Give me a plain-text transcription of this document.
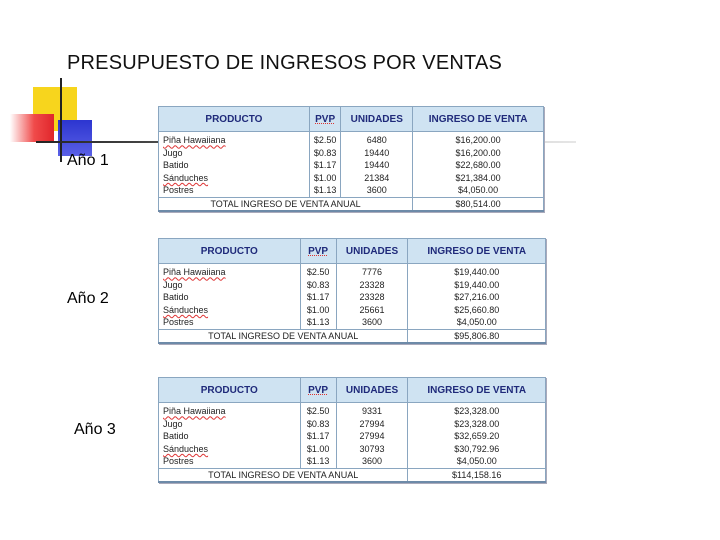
PRESUPUESTO DE INGRESOS POR VENTAS
Año 1
Año 2
Año 3
PRODUCTO	PVP	UNIDADES	INGRESO DE VENTA
Piña Hawaiiana	$2.50	6480	$16,200.00
Jugo	$0.83	19440	$16,200.00
Batido	$1.17	19440	$22,680.00
Sánduches	$1.00	21384	$21,384.00
Postres	$1.13	3600	$4,050.00
TOTAL INGRESO DE VENTA ANUAL			$80,514.00
PRODUCTO	PVP	UNIDADES	INGRESO DE VENTA
Piña Hawaiiana	$2.50	7776	$19,440.00
Jugo	$0.83	23328	$19,440.00
Batido	$1.17	23328	$27,216.00
Sánduches	$1.00	25661	$25,660.80
Postres	$1.13	3600	$4,050.00
TOTAL INGRESO DE VENTA ANUAL			$95,806.80
PRODUCTO	PVP	UNIDADES	INGRESO DE VENTA
Piña Hawaiiana	$2.50	9331	$23,328.00
Jugo	$0.83	27994	$23,328.00
Batido	$1.17	27994	$32,659.20
Sánduches	$1.00	30793	$30,792.96
Postres	$1.13	3600	$4,050.00
TOTAL INGRESO DE VENTA ANUAL			$114,158.16
